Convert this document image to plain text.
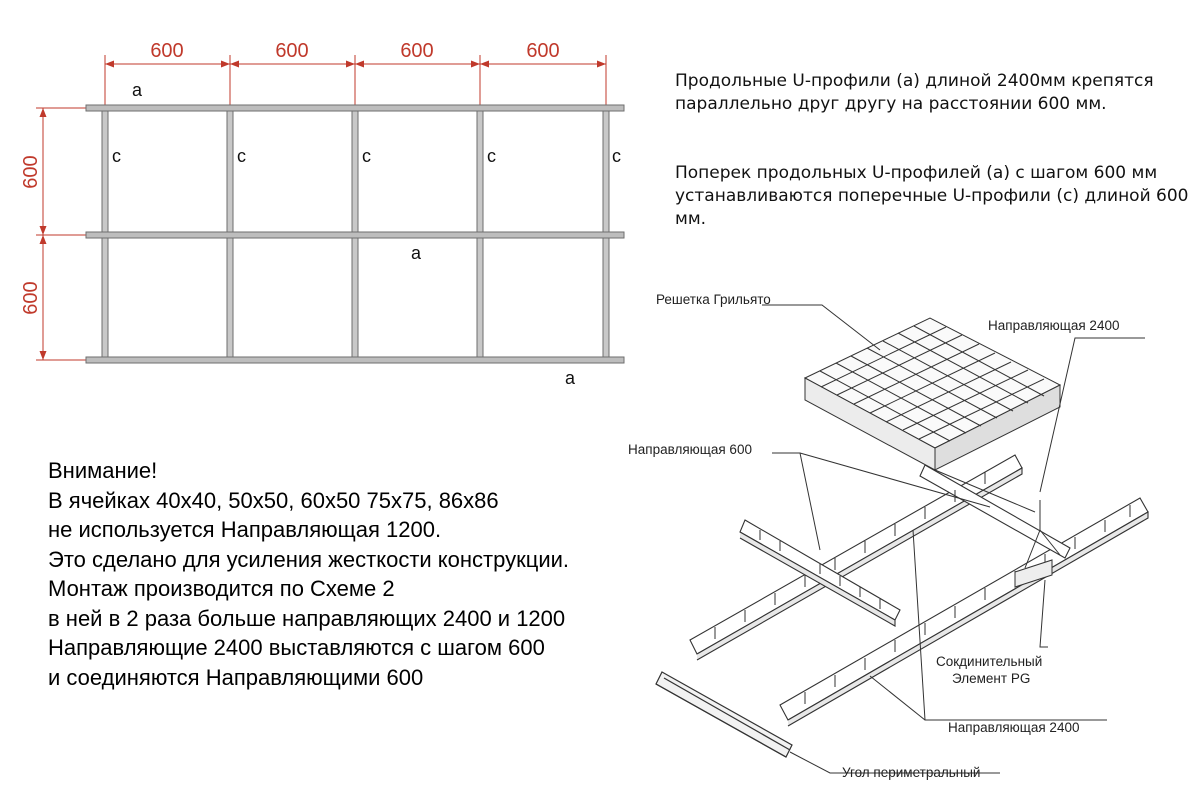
600	600	600	600
600
600
a
a
a
c	c	c	c	c
Решетка Грильято
Направляющая 2400
Направляющая 600
Сокдинительный
Элемент PG
Направляющая 2400
Угол периметральный

Продольные U-профили (а) длиной 2400мм крепятся параллельно друг другу на расстоянии 600 мм.

Поперек продольных U-профилей (а) с шагом 600 мм устанавливаются поперечные U-профили (с) длиной 600 мм.

Внимание!
В ячейках 40х40, 50х50, 60х50 75х75, 86х86
не используется Направляющая 1200.
Это сделано для усиления жесткости конструкции.
Монтаж производится по Схеме 2
в ней в 2 раза больше направляющих 2400 и 1200
Направляющие 2400 выставляются с шагом 600
и соединяются Направляющими 600
